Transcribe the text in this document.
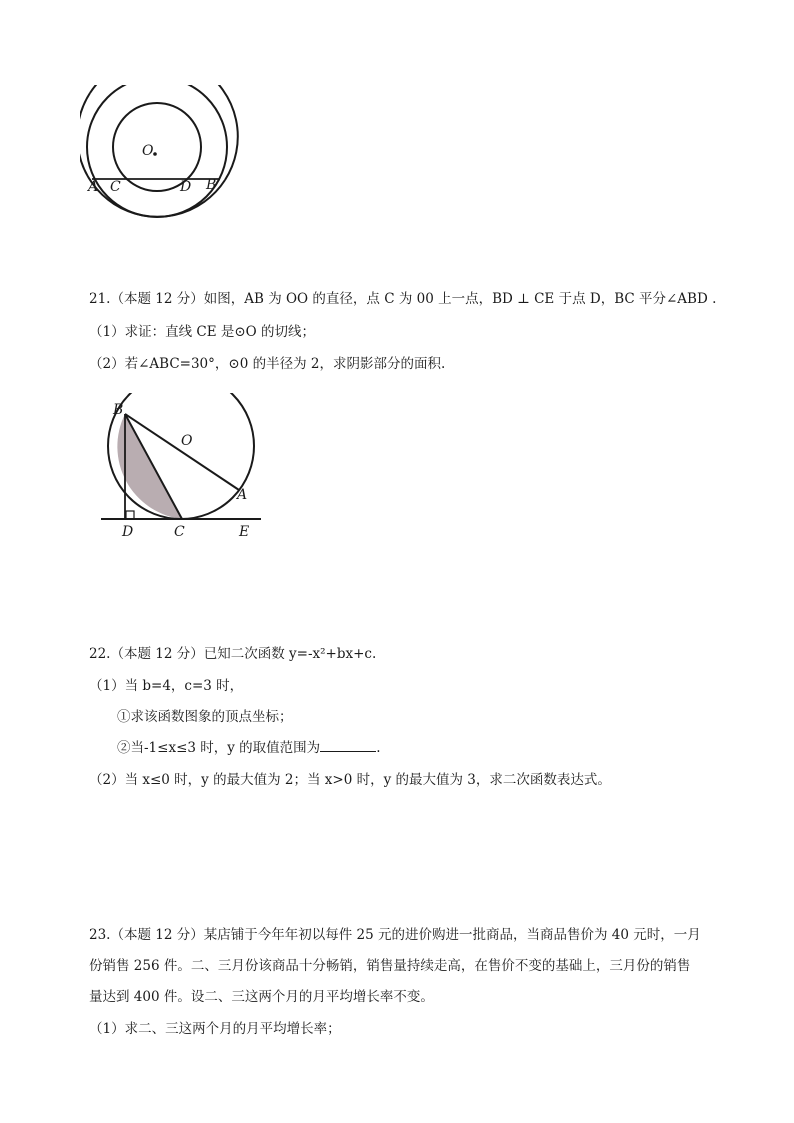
O
A C	D B
21.（本题 12 分）如图，AB 为 OO 的直径，点 C 为 00 上一点，BD ⊥ CE 于点 D，BC 平分∠ABD .
（1）求证：直线 CE 是⊙O 的切线；
（2）若∠ABC=30°，⊙0 的半径为 2，求阴影部分的面积.
B
O
A
D	C	E
22.（本题 12 分）已知二次函数 y=-x²+bx+c.
（1）当 b=4，c=3 时，
①求该函数图象的顶点坐标；
②当-1≤x≤3 时，y 的取值范围为	.
（2）当 x≤0 时，y 的最大值为 2；当 x>0 时，y 的最大值为 3，求二次函数表达式。
23.（本题 12 分）某店铺于今年年初以每件 25 元的进价购进一批商品，当商品售价为 40 元时，一月
份销售 256 件。二、三月份该商品十分畅销，销售量持续走高，在售价不变的基础上，三月份的销售
量达到 400 件。设二、三这两个月的月平均增长率不变。
（1）求二、三这两个月的月平均增长率；
